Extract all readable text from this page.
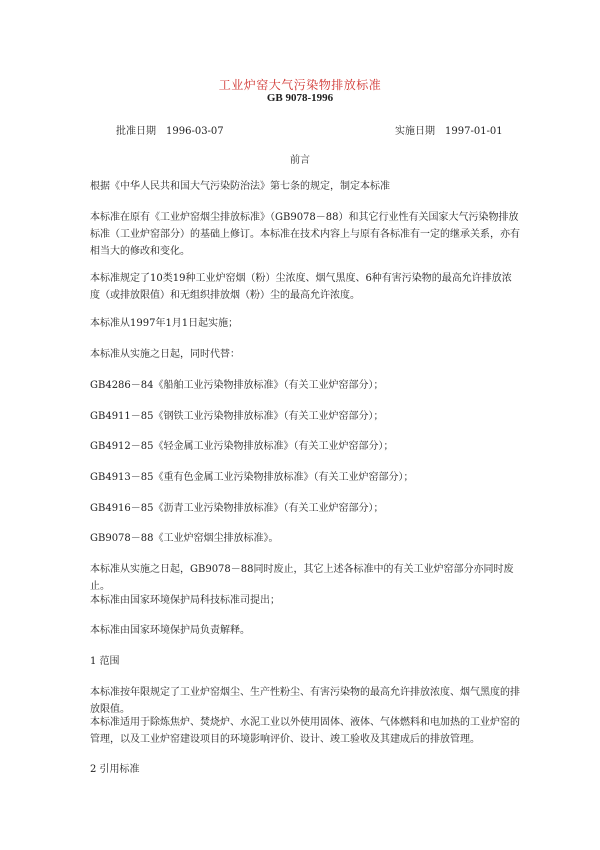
工业炉窑大气污染物排放标准
GB 9078-1996
批准日期　1996-03-07	实施日期　1997-01-01
前言
根据《中华人民共和国大气污染防治法》第七条的规定，制定本标准
本标准在原有《工业炉窑烟尘排放标准》（GB9078－88）和其它行业性有关国家大气污染物排放标准（工业炉窑部分）的基础上修订。本标准在技术内容上与原有各标准有一定的继承关系，亦有相当大的修改和变化。
本标准规定了10类19种工业炉窑烟（粉）尘浓度、烟气黑度、6种有害污染物的最高允许排放浓度（或排放限值）和无组织排放烟（粉）尘的最高允许浓度。
本标准从1997年1月1日起实施；
本标准从实施之日起，同时代替：
GB4286－84《船舶工业污染物排放标准》（有关工业炉窑部分）；
GB4911－85《钢铁工业污染物排放标准》（有关工业炉窑部分）；
GB4912－85《轻金属工业污染物排放标准》（有关工业炉窑部分）；
GB4913－85《重有色金属工业污染物排放标准》（有关工业炉窑部分）；
GB4916－85《沥青工业污染物排放标准》（有关工业炉窑部分）；
GB9078－88《工业炉窑烟尘排放标准》。
本标准从实施之日起，GB9078－88同时废止，其它上述各标准中的有关工业炉窑部分亦同时废止。
本标准由国家环境保护局科技标准司提出；
本标准由国家环境保护局负责解释。
1 范围
本标准按年限规定了工业炉窑烟尘、生产性粉尘、有害污染物的最高允许排放浓度、烟气黑度的排放限值。
本标准适用于除炼焦炉、焚烧炉、水泥工业以外使用固体、液体、气体燃料和电加热的工业炉窑的管理，以及工业炉窑建设项目的环境影响评价、设计、竣工验收及其建成后的排放管理。
2 引用标准
